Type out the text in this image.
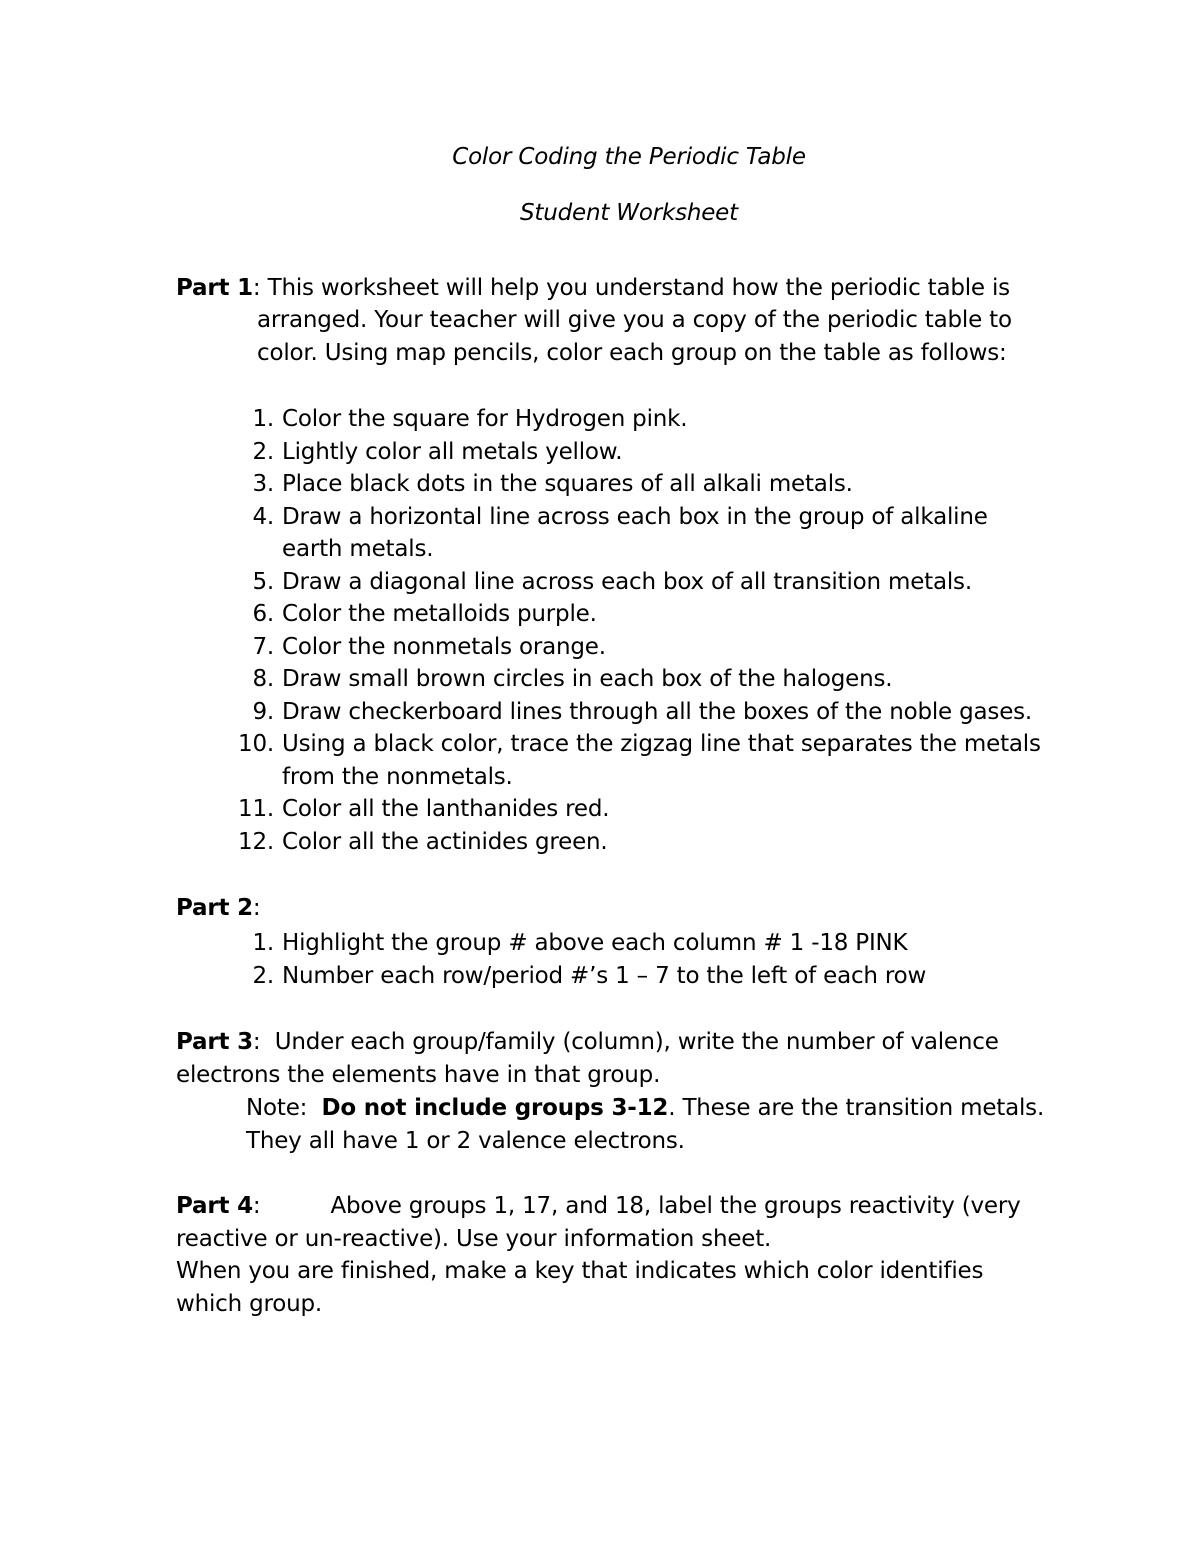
Color Coding the Periodic Table
Student Worksheet
Part 1: This worksheet will help you understand how the periodic table is
arranged. Your teacher will give you a copy of the periodic table to color. Using map pencils, color each group on the table as follows:
1. Color the square for Hydrogen pink.
2. Lightly color all metals yellow.
3. Place black dots in the squares of all alkali metals.
4. Draw a horizontal line across each box in the group of alkaline earth metals.
5. Draw a diagonal line across each box of all transition metals.
6. Color the metalloids purple.
7. Color the nonmetals orange.
8. Draw small brown circles in each box of the halogens.
9. Draw checkerboard lines through all the boxes of the noble gases.
10. Using a black color, trace the zigzag line that separates the metals from the nonmetals.
11. Color all the lanthanides red.
12. Color all the actinides green.
Part 2:
1. Highlight the group # above each column # 1 -18 PINK
2. Number each row/period #’s 1 – 7 to the left of each row
Part 3:  Under each group/family (column), write the number of valence electrons the elements have in that group.
Note: Do not include groups 3-12. These are the transition metals. They all have 1 or 2 valence electrons.
Part 4:	Above groups 1, 17, and 18, label the groups reactivity (very reactive or un-reactive). Use your information sheet.
When you are finished, make a key that indicates which color identifies which group.
